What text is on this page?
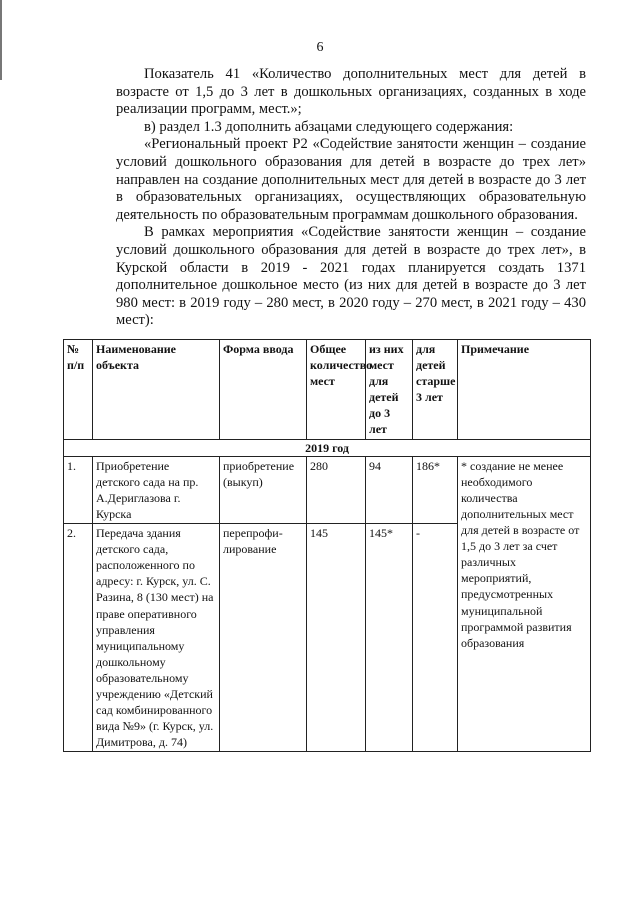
6

Показатель 41 «Количество дополнительных мест для детей в возрасте от 1,5 до 3 лет в дошкольных организациях, созданных в ходе реализации программ, мест.»;

в) раздел 1.3 дополнить абзацами следующего содержания:

«Региональный проект Р2 «Содействие занятости женщин – создание условий дошкольного образования для детей в возрасте до трех лет» направлен на создание дополнительных мест для детей в возрасте до 3 лет в образовательных организациях, осуществляющих образовательную деятельность по образовательным программам дошкольного образования.

В рамках мероприятия «Содействие занятости женщин – создание условий дошкольного образования для детей в возрасте до трех лет», в Курской области в 2019 - 2021 годах планируется создать 1371 дополнительное дошкольное место (из них для детей в возрасте до 3 лет 980 мест: в 2019 году – 280 мест, в 2020 году – 270 мест, в 2021 году – 430 мест):

№ п/п	Наименование объекта	Форма ввода	Общее количество мест	из них мест для детей до 3 лет	для детей старше 3 лет	Примечание
2019 год						
1.	Приобретение детского сада на пр. А.Дериглазова г. Курска	приобретение (выкуп)	280	94	186*	* создание не менее необходимого количества дополнительных мест для детей в возрасте от 1,5 до 3 лет за счет различных мероприятий, предусмотренных муниципальной программой развития образования
2.	Передача здания детского сада, расположенного по адресу: г. Курск, ул. С. Разина, 8 (130 мест) на праве оперативного управления муниципальному дошкольному образовательному учреждению «Детский сад комбинированного вида №9» (г. Курск, ул. Димитрова, д. 74)	перепрофи-лирование	145	145*	-	
